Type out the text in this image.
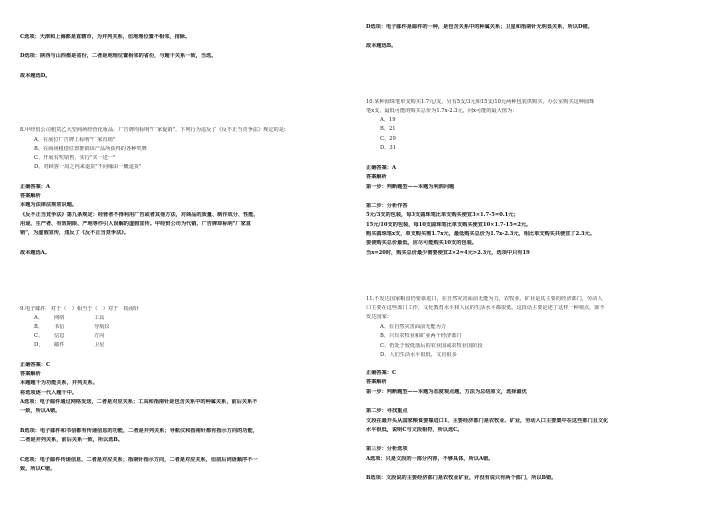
C选项：天津和上海都是直辖市，为并列关系，但地理位置不相邻，排除。
D选项：陕西与山西都是省份，二者是地理位置相邻的省份，与题干关系一致，当选。
故本题选D。
8.甲经贸公司租赁乙大型商场经营化妆品，广告牌均标明"厂家促销"。下列行为违反了《反不正当竞争法》规定的是:
A、在展位广告牌上标明"厂家直销"
B、在商场租借位置推销该产品所获得的各种奖牌
C、开展有奖销售，实行"买一送一"
D、对顾客一周之内来退货"不问缘由一概退货"
正确答案：A
答案解析
本题为法律法规常识题。
《反不正当竞争法》第九条规定：经营者不得利用广告或者其他方法，对商品的质量、制作成分、性能、
用途、生产者、有效期限、产地等作引人误解的虚假宣传。甲经贸公司为代销，广告牌却标明"厂家直
销"，为虚假宣传，违反了《反不正当竞争法》。
故本题选A。
9.电子邮件　对于（　）相当于（　）对于　指南针
A、 网络	工具
B、 书信	导航仪
C、 信息	方向
D、 邮件	卫星
正确答案：C
答案解析
本题题干为功能关系，并列关系。
将选项逐一代入题干中。
A选项：电子邮件通过网络发送，二者是对应关系；工具和指南针是包含关系中的种属关系，前后关系不
一致，所以A错。
B选项：电子邮件和书信都有传递信息的功能，二者是并列关系；导航仪和指南针都有指示方向的功能，
二者是并列关系，前后关系一致，所以选B。
C选项：电子邮件传递信息，二者是对应关系；指南针指示方向，二者是对应关系，但前后词语顺序不一
致，所以C错。
D选项：电子邮件是邮件的一种，是包含关系中的种属关系；卫星和指南针无明显关系，所以D错。
故本题选B。
10.某种圆珠笔单支购买1.7元/支，另有5支/3元和15支/10元两种包装供购买，办公室购买这种圆珠
笔x支，最低可能的购买总价为1.7x-2.3元，问x可能的最大值为：
A、19
B、21
C、29
D、31
正确答案：A
答案解析
第一步：判断题型——本题为利润问题
第二步：分析作答
5元/3支的包装，每3支圆珠笔比单支购买便宜3×1.7-5=0.1元；
15元/10支的包装，每10支圆珠笔比单支购买便宜10×1.7-15=2元。
购买圆珠笔x支，单支购买需1.7x元，最低购买总价为1.7x-2.3元，相比单支购买共便宜了2.3元。
要使购买总价最低，应尽可能购买10支的包装。
当x=20时，购买总价最少需要便宜2×2=4元>2.3元，选项中只有19
11.不发达国家粮食仍要靠进口，在自然灾害面前无能为力，农牧业、矿业是其主要的经济部门，劳动人
口主要在这些部门工作，文化教育水平和人民的生活水平都很低，这段话主要论述了这样一种观点，即不
发达国家：
A、在自然灾害面前无能为力
B、只有农牧业和矿业两个经济部门
C、仍处于较低落后的农业国或农牧业国阶段
D、人们生活水平很低，文盲很多
正确答案：C
答案解析
第一步：判断题型——本题为态度观点题，方法为总结原文，选择最优
第二步：寻找重点
文段在最开头从国家粮食要靠进口1、主要经济部门是农牧业、矿业，劳动人口主要集中在这些部门且文化
水平很低，说明C与文段相符，所以选C。
第三步：分析选项
A选项：只是文段的一部分内容，不够具体，所以A错。
B选项：文段说的主要经济部门是农牧业矿业，并没有说只有两个部门，所以B错。
